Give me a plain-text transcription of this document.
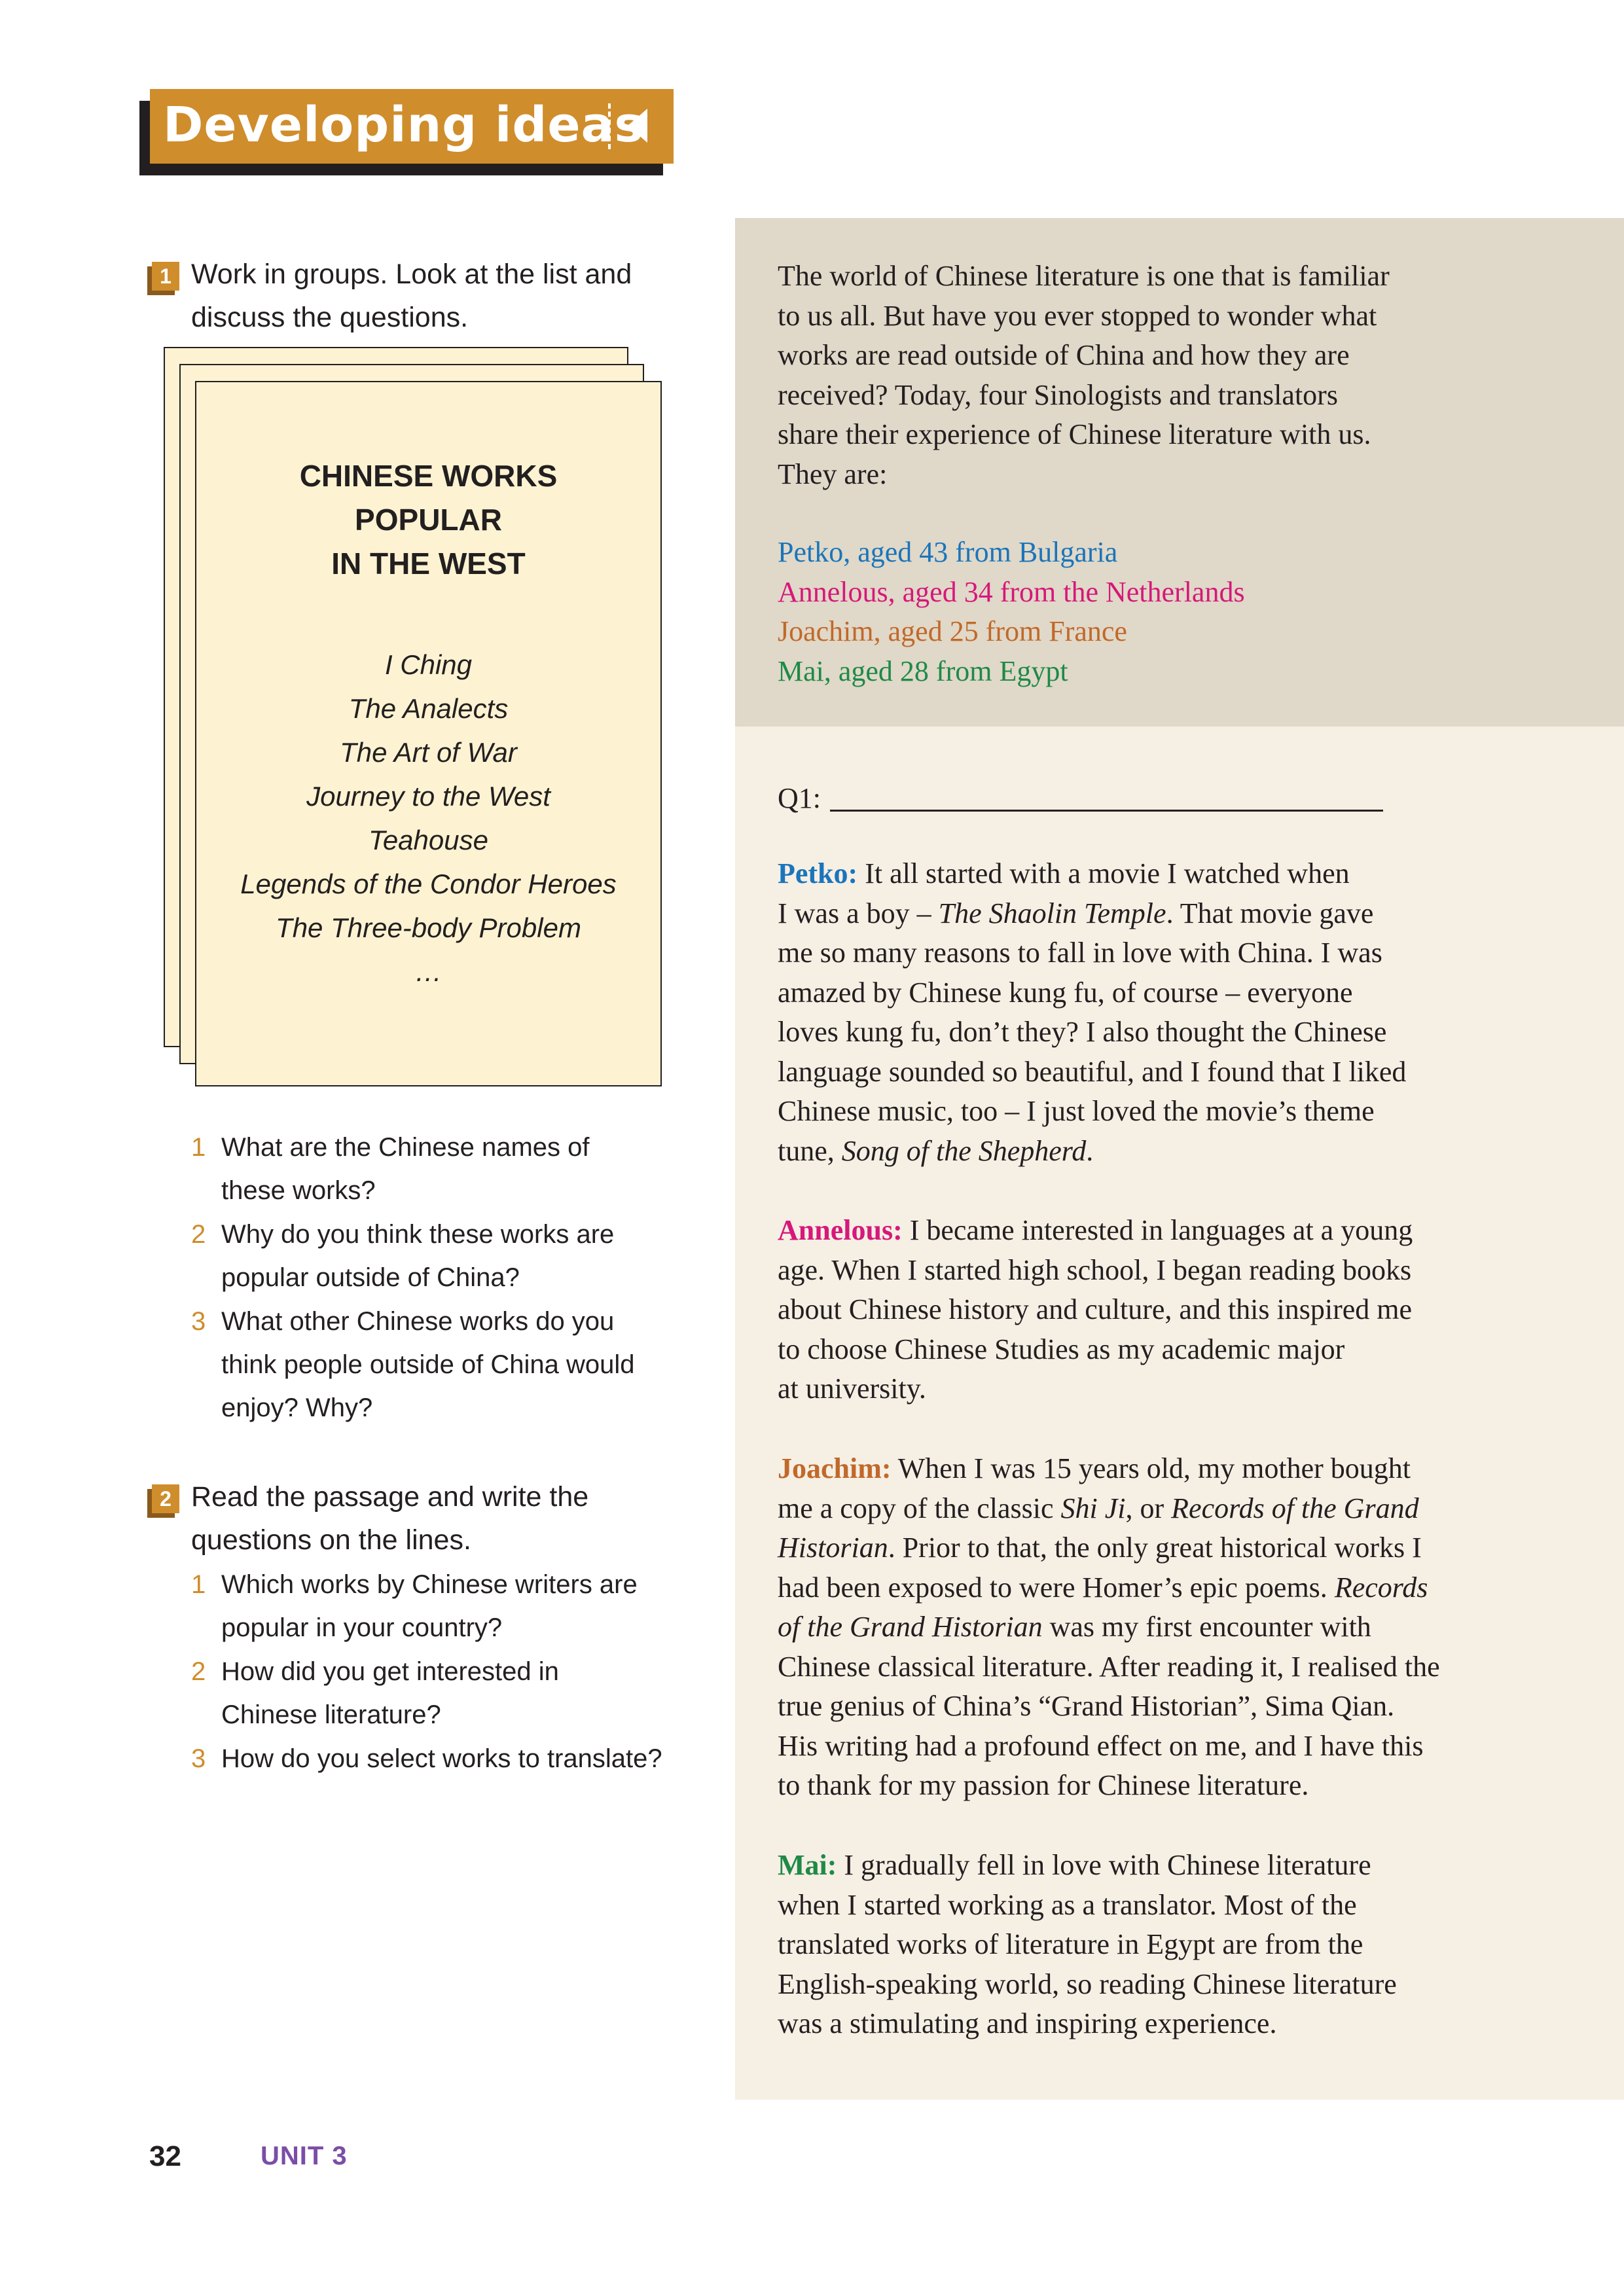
Developing ideas
1 Work in groups. Look at the list and
discuss the questions.
CHINESE WORKS
POPULAR
IN THE WEST
I Ching
The Analects
The Art of War
Journey to the West
Teahouse
Legends of the Condor Heroes
The Three-body Problem
…
1 What are the Chinese names of
these works?
2 Why do you think these works are
popular outside of China?
3 What other Chinese works do you
think people outside of China would
enjoy? Why?
2 Read the passage and write the
questions on the lines.
1 Which works by Chinese writers are
popular in your country?
2 How did you get interested in
Chinese literature?
3 How do you select works to translate?
The world of Chinese literature is one that is familiar
to us all. But have you ever stopped to wonder what
works are read outside of China and how they are
received? Today, four Sinologists and translators
share their experience of Chinese literature with us.
They are:
Petko, aged 43 from Bulgaria
Annelous, aged 34 from the Netherlands
Joachim, aged 25 from France
Mai, aged 28 from Egypt
Q1:
Petko: It all started with a movie I watched when
I was a boy – The Shaolin Temple. That movie gave
me so many reasons to fall in love with China. I was
amazed by Chinese kung fu, of course – everyone
loves kung fu, don’t they? I also thought the Chinese
language sounded so beautiful, and I found that I liked
Chinese music, too – I just loved the movie’s theme
tune, Song of the Shepherd.
Annelous: I became interested in languages at a young
age. When I started high school, I began reading books
about Chinese history and culture, and this inspired me
to choose Chinese Studies as my academic major
at university.
Joachim: When I was 15 years old, my mother bought
me a copy of the classic Shi Ji, or Records of the Grand
Historian. Prior to that, the only great historical works I
had been exposed to were Homer’s epic poems. Records
of the Grand Historian was my first encounter with
Chinese classical literature. After reading it, I realised the
true genius of China’s “Grand Historian”, Sima Qian.
His writing had a profound effect on me, and I have this
to thank for my passion for Chinese literature.
Mai: I gradually fell in love with Chinese literature
when I started working as a translator. Most of the
translated works of literature in Egypt are from the
English-speaking world, so reading Chinese literature
was a stimulating and inspiring experience.
32	UNIT 3
